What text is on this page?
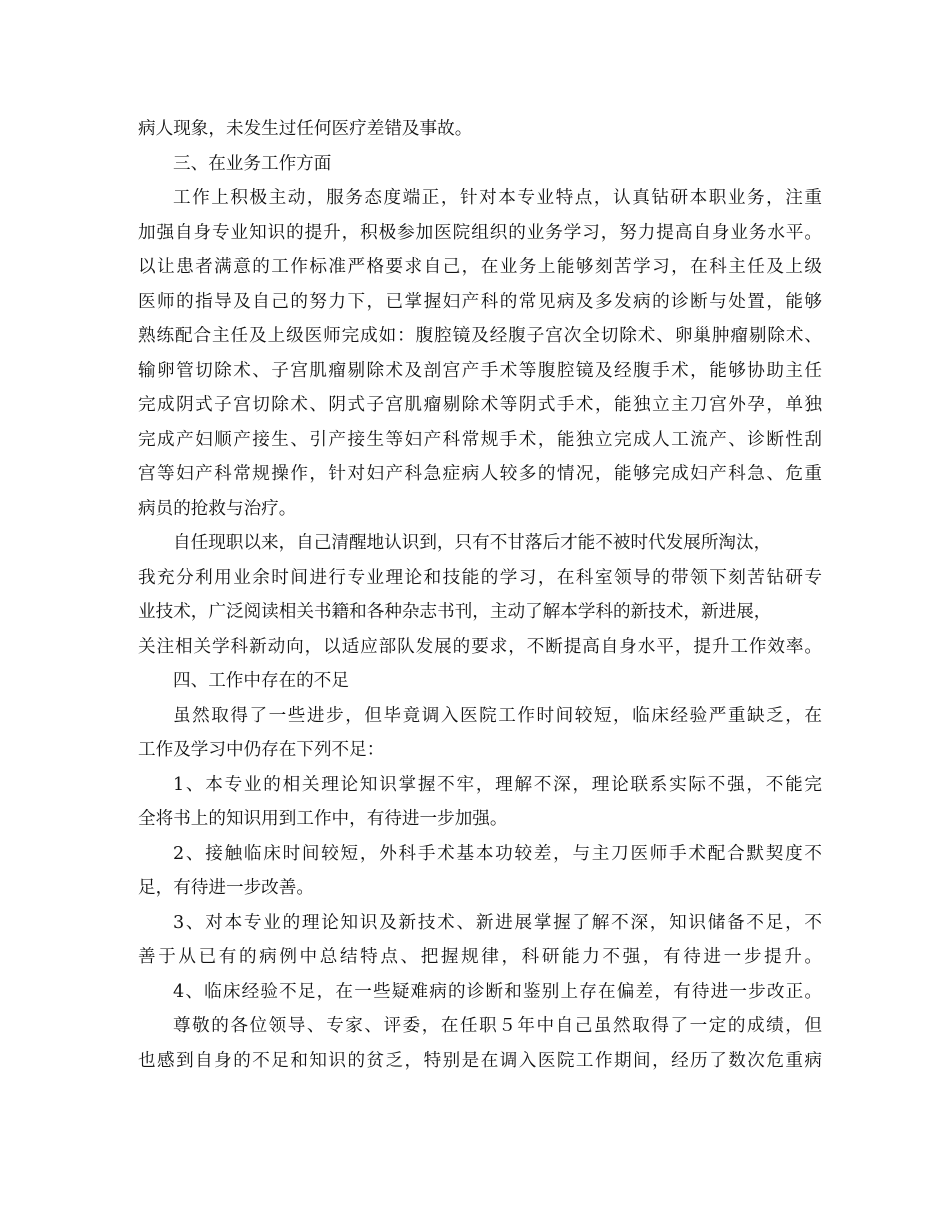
病人现象，未发生过任何医疗差错及事故。
三、在业务工作方面
工作上积极主动，服务态度端正，针对本专业特点，认真钻研本职业务，注重
加强自身专业知识的提升，积极参加医院组织的业务学习，努力提高自身业务水平。
以让患者满意的工作标准严格要求自己，在业务上能够刻苦学习，在科主任及上级
医师的指导及自己的努力下，已掌握妇产科的常见病及多发病的诊断与处置，能够
熟练配合主任及上级医师完成如：腹腔镜及经腹子宫次全切除术、卵巢肿瘤剔除术、
输卵管切除术、子宫肌瘤剔除术及剖宫产手术等腹腔镜及经腹手术，能够协助主任
完成阴式子宫切除术、阴式子宫肌瘤剔除术等阴式手术，能独立主刀宫外孕，单独
完成产妇顺产接生、引产接生等妇产科常规手术，能独立完成人工流产、诊断性刮
宫等妇产科常规操作，针对妇产科急症病人较多的情况，能够完成妇产科急、危重
病员的抢救与治疗。
自任现职以来，自己清醒地认识到，只有不甘落后才能不被时代发展所淘汰，
我充分利用业余时间进行专业理论和技能的学习，在科室领导的带领下刻苦钻研专
业技术，广泛阅读相关书籍和各种杂志书刊，主动了解本学科的新技术，新进展，
关注相关学科新动向，以适应部队发展的要求，不断提高自身水平，提升工作效率。
四、工作中存在的不足
虽然取得了一些进步，但毕竟调入医院工作时间较短，临床经验严重缺乏，在
工作及学习中仍存在下列不足：
1、本专业的相关理论知识掌握不牢，理解不深，理论联系实际不强，不能完
全将书上的知识用到工作中，有待进一步加强。
2、接触临床时间较短，外科手术基本功较差，与主刀医师手术配合默契度不
足，有待进一步改善。
3、对本专业的理论知识及新技术、新进展掌握了解不深，知识储备不足，不
善于从已有的病例中总结特点、把握规律，科研能力不强，有待进一步提升。
4、临床经验不足，在一些疑难病的诊断和鉴别上存在偏差，有待进一步改正。
尊敬的各位领导、专家、评委，在任职５年中自己虽然取得了一定的成绩，但
也感到自身的不足和知识的贫乏，特别是在调入医院工作期间，经历了数次危重病
